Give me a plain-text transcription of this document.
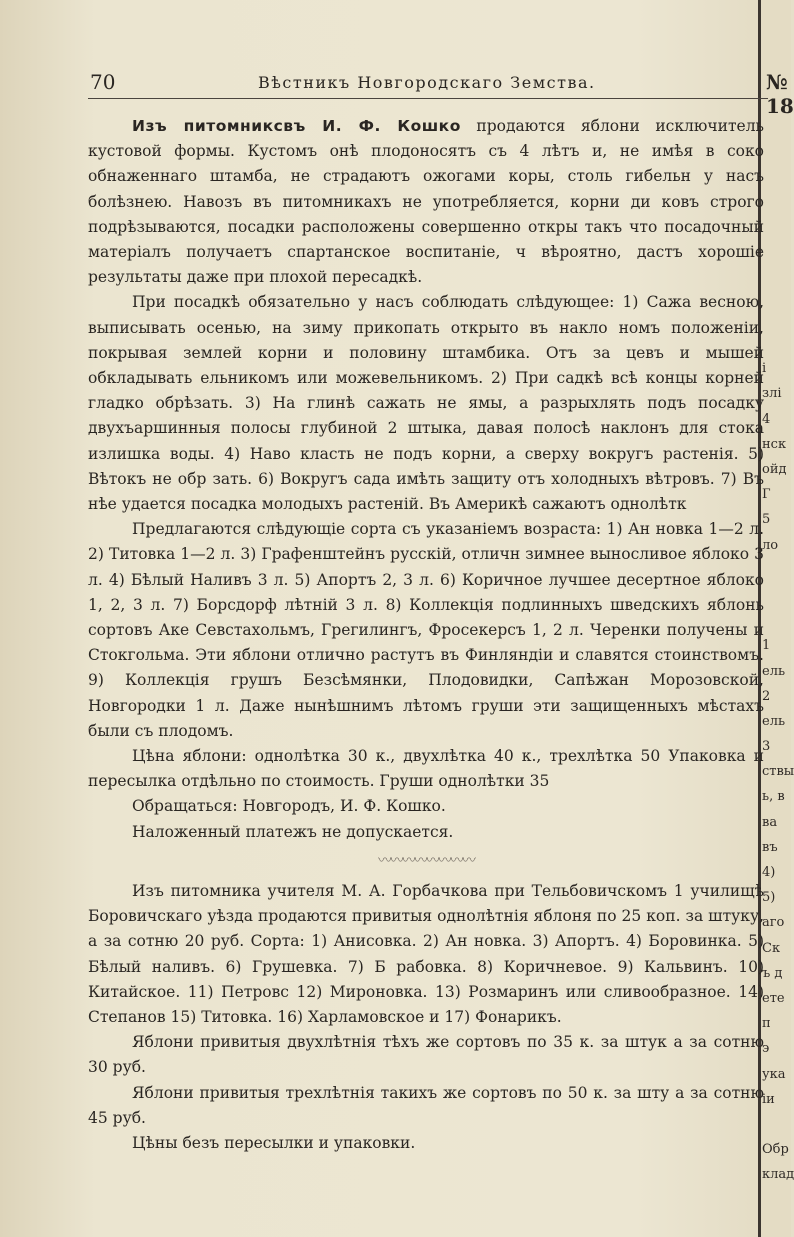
70	Вѣстникъ Новгородскаго Земства.	№ 18

Изъ питомниксвъ И. Ф. Кошко продаются яблони исключитель кустовой формы. Кустомъ онѣ плодоносятъ съ 4 лѣтъ и, не имѣя в соко обнаженнаго штамба, не страдаютъ ожогами коры, столь гибельн у насъ болѣзнею. Навозъ въ питомникахъ не употребляется, корни ди ковъ строго подрѣзываются, посадки расположены совершенно откры такъ что посадочный матеріалъ получаетъ спартанское воспитаніе, ч вѣроятно, дастъ хорошіе результаты даже при плохой пересадкѣ.

При посадкѣ обязательно у насъ соблюдать слѣдующее: 1) Сажа весною, выписывать осенью, на зиму прикопать открыто въ накло номъ положеніи, покрывая землей корни и половину штамбика. Отъ за цевъ и мышей обкладывать ельникомъ или можевельникомъ. 2) При садкѣ всѣ концы корней гладко обрѣзать. 3) На глинѣ сажать не ямы, а разрыхлять подъ посадку двухъаршинныя полосы глубиной 2 штыка, давая полосѣ наклонъ для стока излишка воды. 4) Наво класть не подъ корни, а сверху вокругъ растенія. 5) Вѣтокъ не обр зать. 6) Вокругъ сада имѣть защиту отъ холодныхъ вѣтровъ. 7) Въ нѣе удается посадка молодыхъ растеній. Въ Америкѣ сажаютъ однолѣтк

Предлагаются слѣдующіе сорта съ указаніемъ возраста: 1) Ан новка 1—2 л. 2) Титовка 1—2 л. 3) Графенштейнъ русскій, отличн зимнее выносливое яблоко 3 л. 4) Бѣлый Наливъ 3 л. 5) Апортъ 2, 3 л. 6) Коричное лучшее десертное яблоко 1, 2, 3 л. 7) Борсдорф лѣтній 3 л. 8) Коллекція подлинныхъ шведскихъ яблонь сортовъ Аке Севстахольмъ, Грегилингъ, Фросекерсъ 1, 2 л. Черенки получены и Стокгольма. Эти яблони отлично растутъ въ Финляндіи и славятся стоинствомъ. 9) Коллекція грушъ Безсѣмянки, Плодовидки, Сапѣжан Морозовской, Новгородки 1 л. Даже нынѣшнимъ лѣтомъ груши эти защищенныхъ мѣстахъ были съ плодомъ.

Цѣна яблони: однолѣтка 30 к., двухлѣтка 40 к., трехлѣтка 50 Упаковка и пересылка отдѣльно по стоимость. Груши однолѣтки 35

Обращаться: Новгородъ, И. Ф. Кошко.

Наложенный платежъ не допускается.

〰〰〰〰〰〰〰〰

Изъ питомника учителя М. А. Горбачкова при Тельбовичскомъ 1 училищѣ Боровичскаго уѣзда продаются привитыя однолѣтнія яблоня по 25 коп. за штуку, а за сотню 20 руб. Сорта: 1) Анисовка. 2) Ан новка. 3) Апортъ. 4) Боровинка. 5) Бѣлый наливъ. 6) Грушевка. 7) Б рабовка. 8) Коричневое. 9) Кальвинъ. 10) Китайское. 11) Петровс 12) Мироновка. 13) Розмаринъ или сливообразное. 14) Степанов 15) Титовка. 16) Харламовское и 17) Фонарикъ.

Яблони привитыя двухлѣтнія тѣхъ же сортовъ по 35 к. за штук а за сотню 30 руб.

Яблони привитыя трехлѣтнія такихъ же сортовъ по 50 к. за шту а за сотню 45 руб.

Цѣны безъ пересылки и упаковки.

і
злі
4
нск
ойд
Г
5
ло
1
ель
2
ель
3
ствы
ь, в
ва
въ
4)
5)
аго
Ск
ъ д
ете
п
э
ука
іи
Обр
клад
